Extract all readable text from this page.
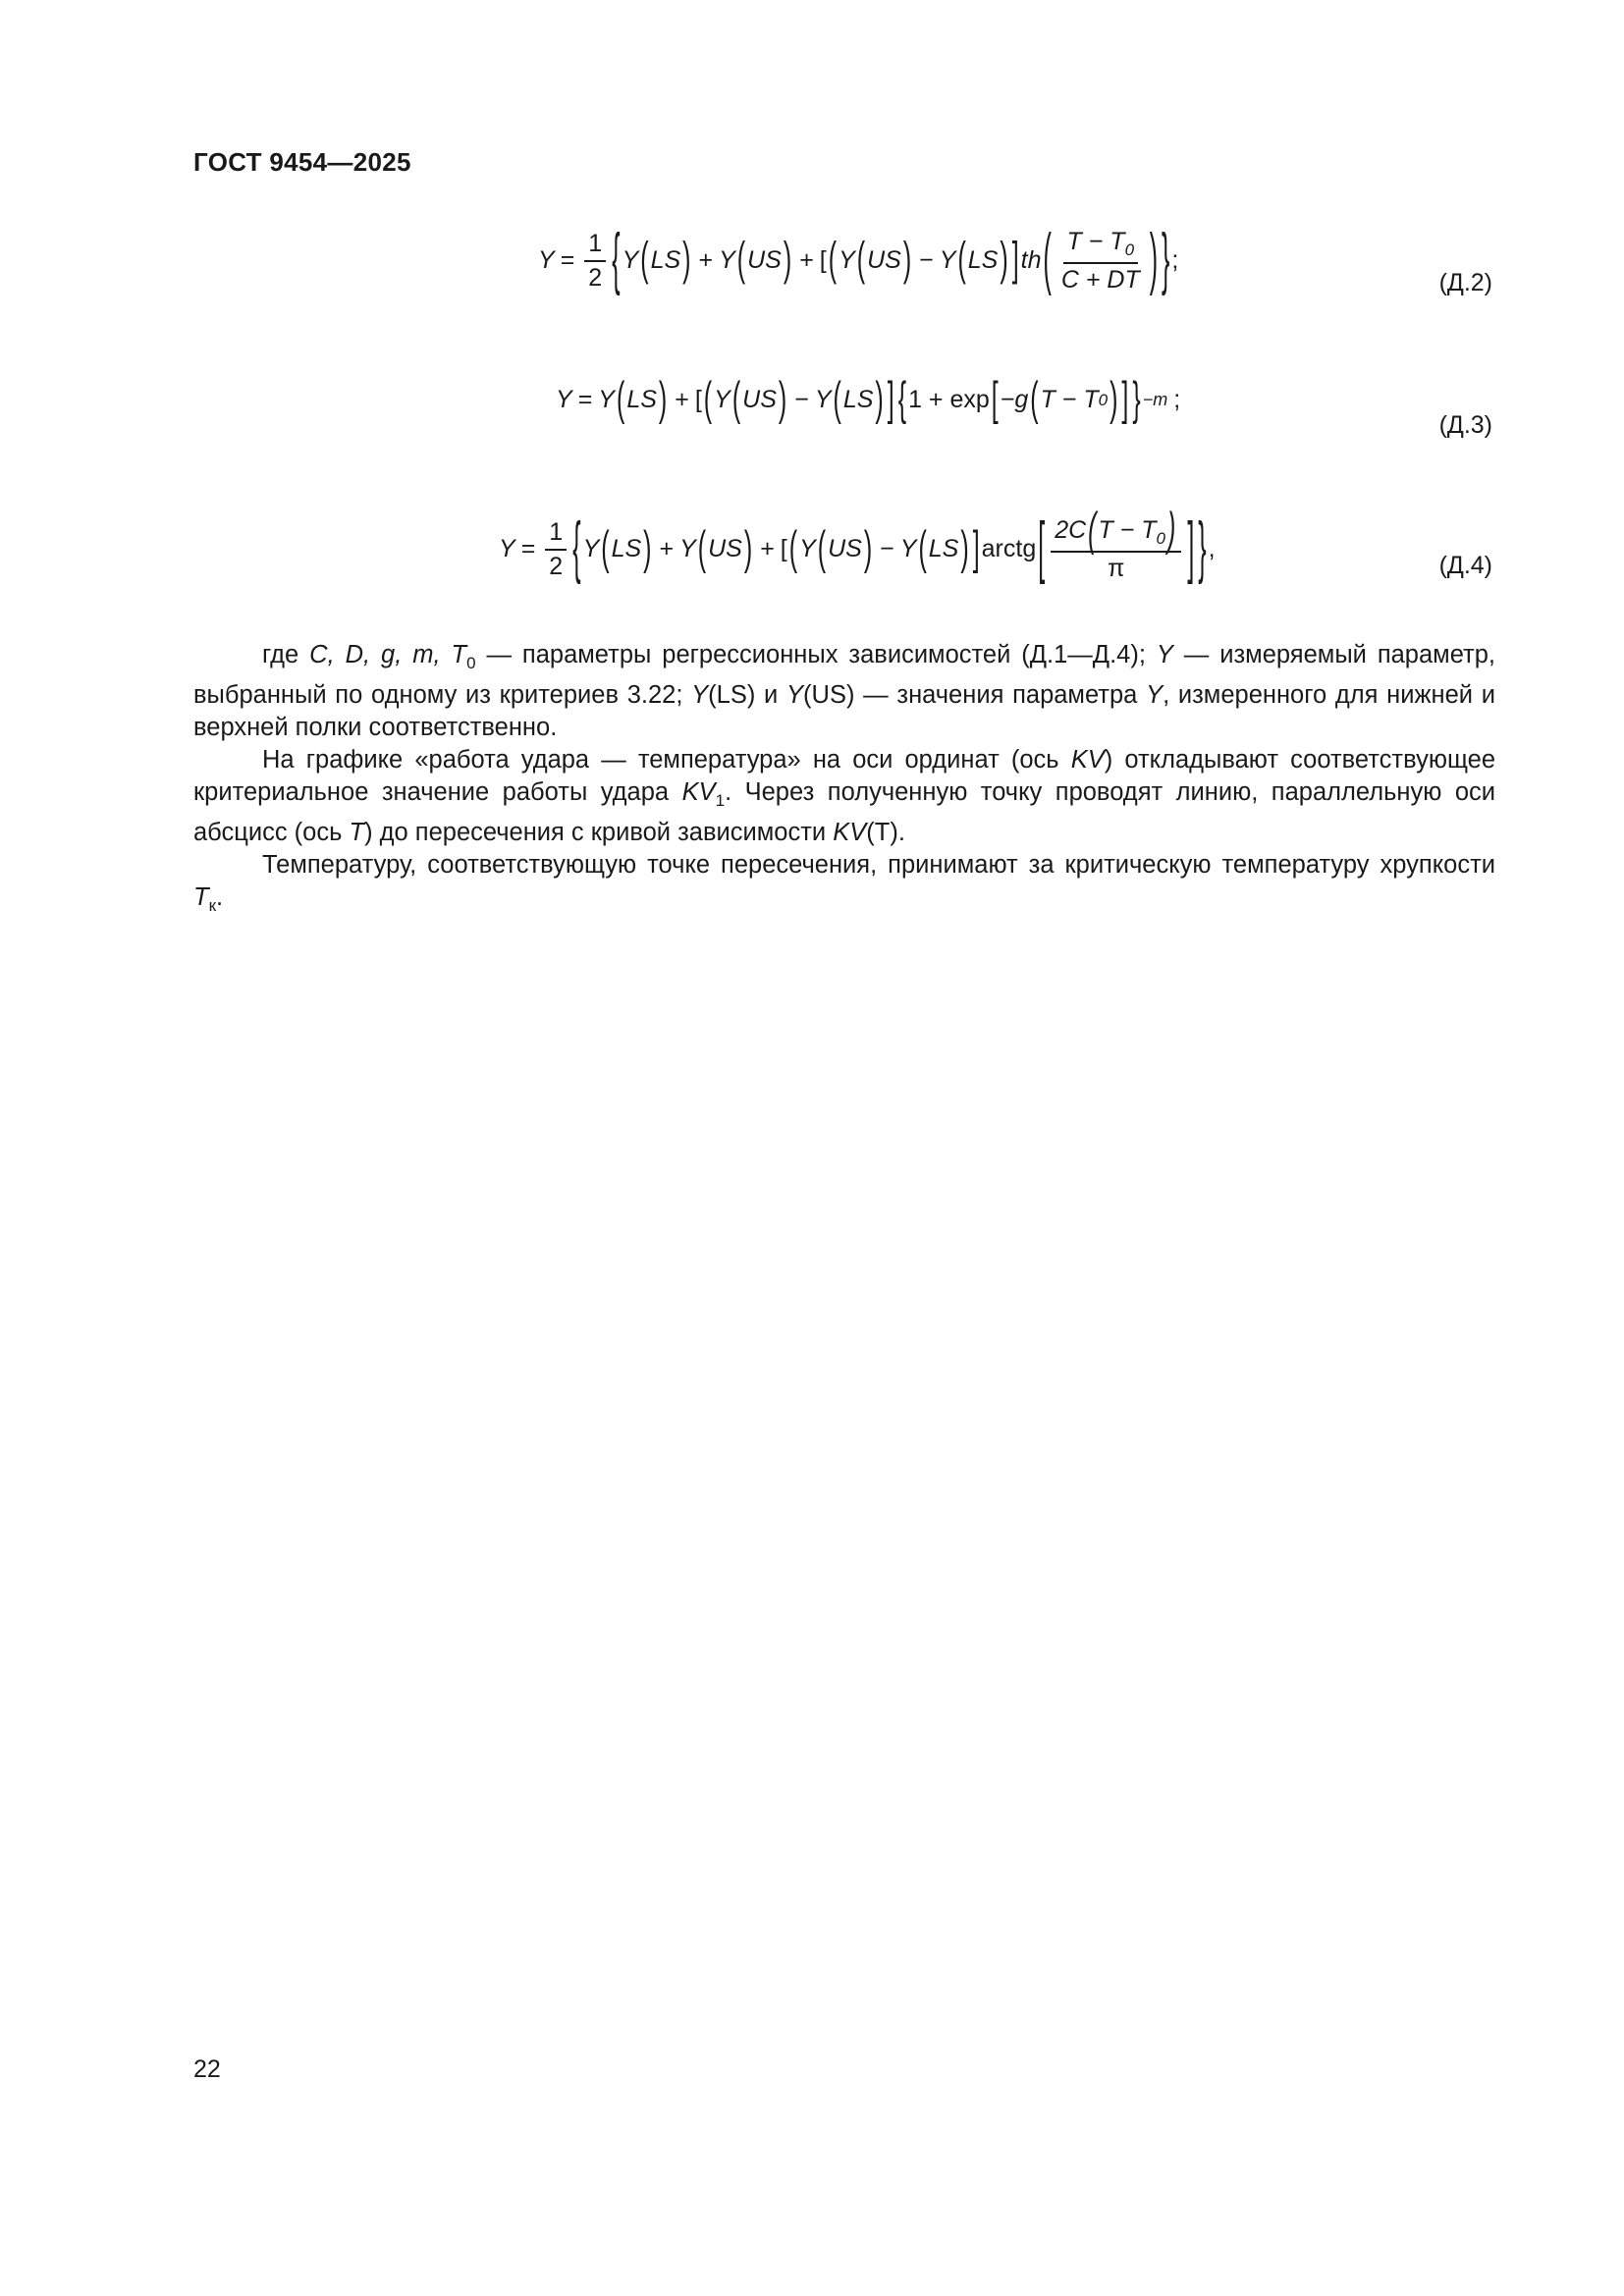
ГОСТ 9454—2025
$Y = \frac{1}{2}$ { Y ( LS ) + Y ( US ) + [ ( Y ( US ) − Y ( LS ) ] th ( $\frac{T - T_0}{C + DT}$ ) } ;
(Д.2)
Y = Y ( LS ) + [ ( Y ( US ) − Y ( LS ) ] { 1 + exp [ −g ( T − T 0 ) ] } −m ;
(Д.3)
$Y = \frac{1}{2}$ { Y ( LS ) + Y ( US ) + [ ( Y ( US ) − Y ( LS ) ] arctg [ $\frac{2C(T - T_0)}{\pi}$ ] } ,
(Д.4)

где C, D, g, m, $T_0$ — параметры регрессионных зависимостей (Д.1—Д.4); Y — измеряемый параметр, выбранный по одному из критериев 3.22; Y(LS) и Y(US) — значения параметра Y, измеренного для нижней и верхней полки соответственно.

На графике «работа удара — температура» на оси ординат (ось KV) откладывают соответствующее критериальное значение работы удара $KV_1$. Через полученную точку проводят линию, параллельную оси абсцисс (ось T) до пересечения с кривой зависимости KV(T).

Температуру, соответствующую точке пересечения, принимают за критическую температуру хрупкости $T_к$.

22
